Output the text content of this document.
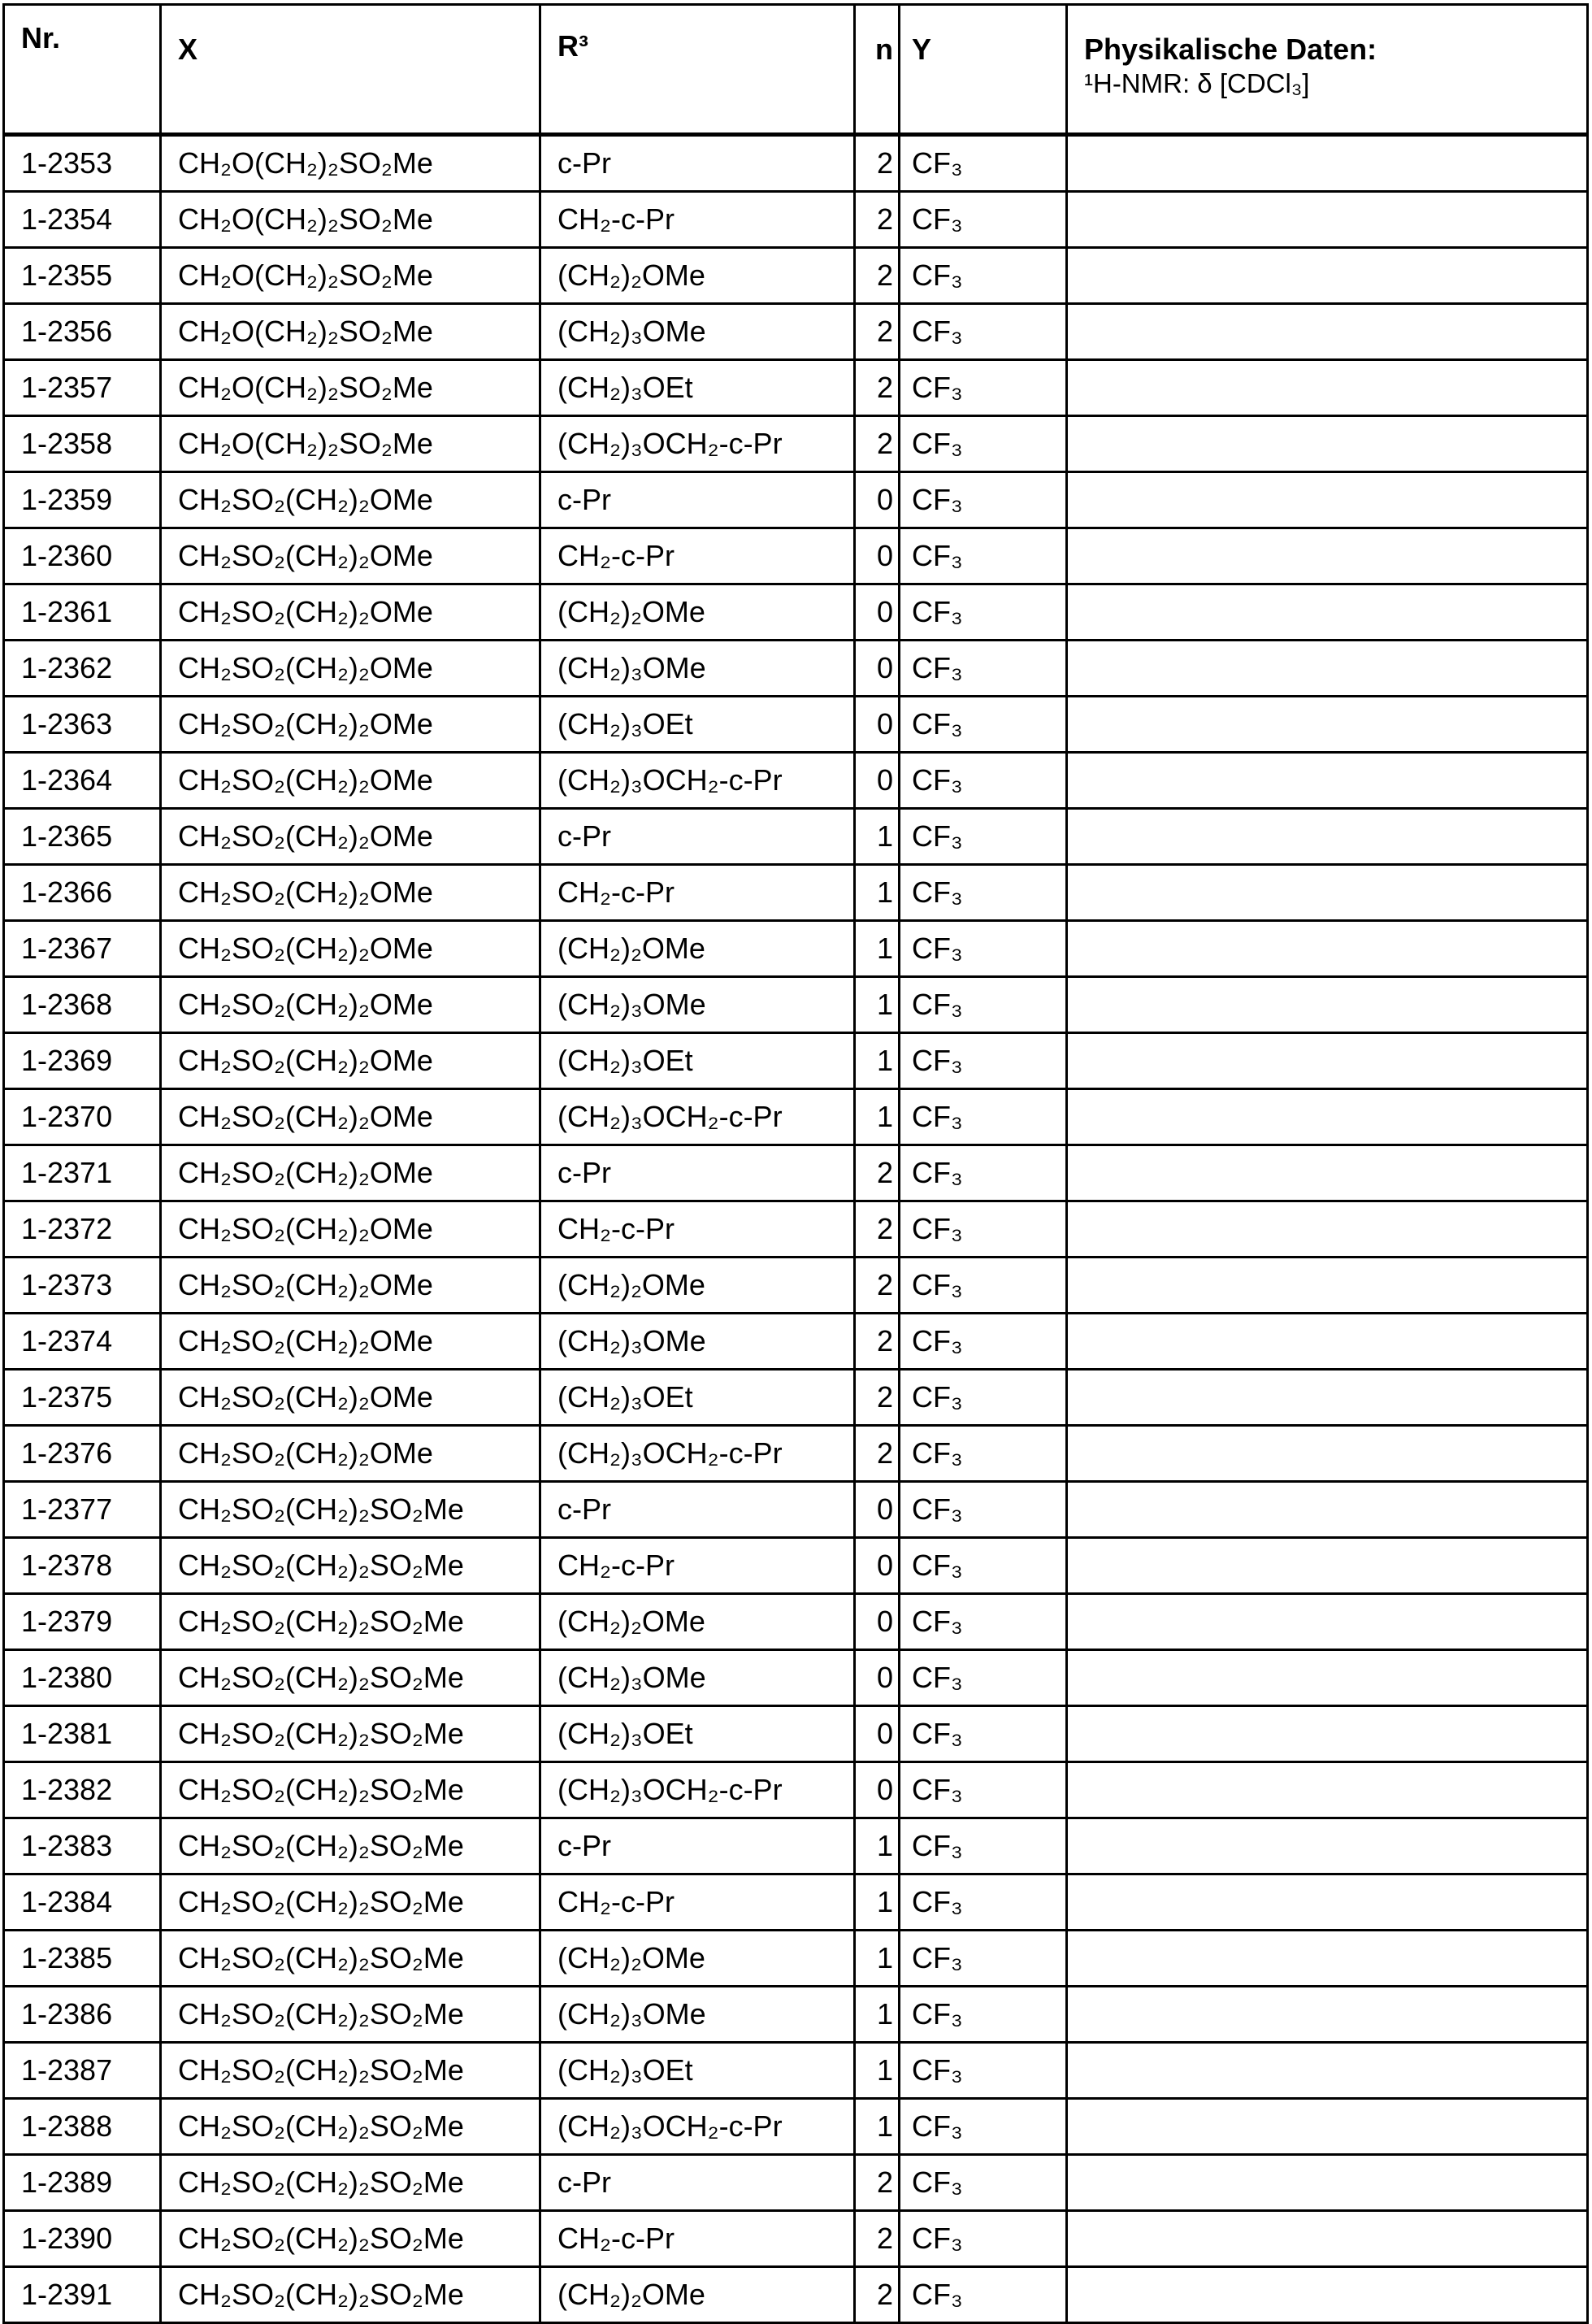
Nr.	X	R³	n	Y	Physikalische Daten:
¹H-NMR: δ [CDCl₃]

1-2353	CH₂O(CH₂)₂SO₂Me	c-Pr	2	CF₃	
1-2354	CH₂O(CH₂)₂SO₂Me	CH₂-c-Pr	2	CF₃	
1-2355	CH₂O(CH₂)₂SO₂Me	(CH₂)₂OMe	2	CF₃	
1-2356	CH₂O(CH₂)₂SO₂Me	(CH₂)₃OMe	2	CF₃	
1-2357	CH₂O(CH₂)₂SO₂Me	(CH₂)₃OEt	2	CF₃	
1-2358	CH₂O(CH₂)₂SO₂Me	(CH₂)₃OCH₂-c-Pr	2	CF₃	
1-2359	CH₂SO₂(CH₂)₂OMe	c-Pr	0	CF₃	
1-2360	CH₂SO₂(CH₂)₂OMe	CH₂-c-Pr	0	CF₃	
1-2361	CH₂SO₂(CH₂)₂OMe	(CH₂)₂OMe	0	CF₃	
1-2362	CH₂SO₂(CH₂)₂OMe	(CH₂)₃OMe	0	CF₃	
1-2363	CH₂SO₂(CH₂)₂OMe	(CH₂)₃OEt	0	CF₃	
1-2364	CH₂SO₂(CH₂)₂OMe	(CH₂)₃OCH₂-c-Pr	0	CF₃	
1-2365	CH₂SO₂(CH₂)₂OMe	c-Pr	1	CF₃	
1-2366	CH₂SO₂(CH₂)₂OMe	CH₂-c-Pr	1	CF₃	
1-2367	CH₂SO₂(CH₂)₂OMe	(CH₂)₂OMe	1	CF₃	
1-2368	CH₂SO₂(CH₂)₂OMe	(CH₂)₃OMe	1	CF₃	
1-2369	CH₂SO₂(CH₂)₂OMe	(CH₂)₃OEt	1	CF₃	
1-2370	CH₂SO₂(CH₂)₂OMe	(CH₂)₃OCH₂-c-Pr	1	CF₃	
1-2371	CH₂SO₂(CH₂)₂OMe	c-Pr	2	CF₃	
1-2372	CH₂SO₂(CH₂)₂OMe	CH₂-c-Pr	2	CF₃	
1-2373	CH₂SO₂(CH₂)₂OMe	(CH₂)₂OMe	2	CF₃	
1-2374	CH₂SO₂(CH₂)₂OMe	(CH₂)₃OMe	2	CF₃	
1-2375	CH₂SO₂(CH₂)₂OMe	(CH₂)₃OEt	2	CF₃	
1-2376	CH₂SO₂(CH₂)₂OMe	(CH₂)₃OCH₂-c-Pr	2	CF₃	
1-2377	CH₂SO₂(CH₂)₂SO₂Me	c-Pr	0	CF₃	
1-2378	CH₂SO₂(CH₂)₂SO₂Me	CH₂-c-Pr	0	CF₃	
1-2379	CH₂SO₂(CH₂)₂SO₂Me	(CH₂)₂OMe	0	CF₃	
1-2380	CH₂SO₂(CH₂)₂SO₂Me	(CH₂)₃OMe	0	CF₃	
1-2381	CH₂SO₂(CH₂)₂SO₂Me	(CH₂)₃OEt	0	CF₃	
1-2382	CH₂SO₂(CH₂)₂SO₂Me	(CH₂)₃OCH₂-c-Pr	0	CF₃	
1-2383	CH₂SO₂(CH₂)₂SO₂Me	c-Pr	1	CF₃	
1-2384	CH₂SO₂(CH₂)₂SO₂Me	CH₂-c-Pr	1	CF₃	
1-2385	CH₂SO₂(CH₂)₂SO₂Me	(CH₂)₂OMe	1	CF₃	
1-2386	CH₂SO₂(CH₂)₂SO₂Me	(CH₂)₃OMe	1	CF₃	
1-2387	CH₂SO₂(CH₂)₂SO₂Me	(CH₂)₃OEt	1	CF₃	
1-2388	CH₂SO₂(CH₂)₂SO₂Me	(CH₂)₃OCH₂-c-Pr	1	CF₃	
1-2389	CH₂SO₂(CH₂)₂SO₂Me	c-Pr	2	CF₃	
1-2390	CH₂SO₂(CH₂)₂SO₂Me	CH₂-c-Pr	2	CF₃	
1-2391	CH₂SO₂(CH₂)₂SO₂Me	(CH₂)₂OMe	2	CF₃	
